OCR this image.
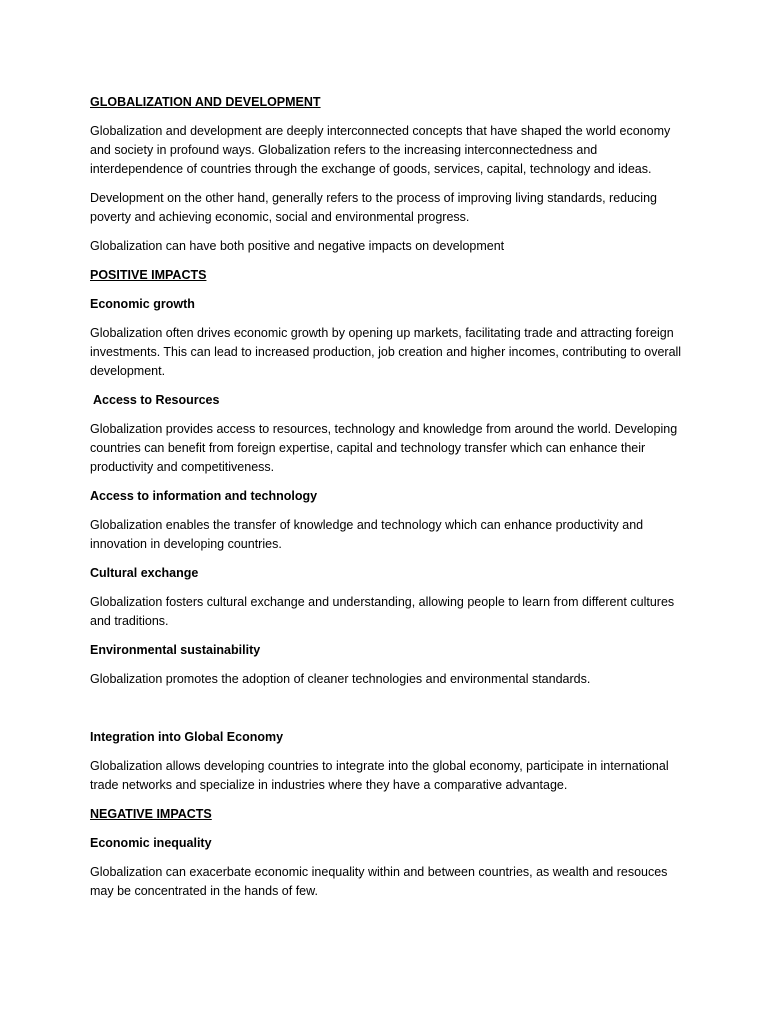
GLOBALIZATION AND DEVELOPMENT

Globalization and development are deeply interconnected concepts that have shaped the world economy and society in profound ways. Globalization refers to the increasing interconnectedness and interdependence of countries through the exchange of goods, services, capital, technology and ideas.

Development on the other hand, generally refers to the process of improving living standards, reducing poverty and achieving economic, social and environmental progress.

Globalization can have both positive and negative impacts on development

POSITIVE IMPACTS

Economic growth

Globalization often drives economic growth by opening up markets, facilitating trade and attracting foreign investments. This can lead to increased production, job creation and higher incomes, contributing to overall development.

Access to Resources

Globalization provides access to resources, technology and knowledge from around the world. Developing countries can benefit from foreign expertise, capital and technology transfer which can enhance their productivity and competitiveness.

Access to information and technology

Globalization enables the transfer of knowledge and technology which can enhance productivity and innovation in developing countries.

Cultural exchange

Globalization fosters cultural exchange and understanding, allowing people to learn from different cultures and traditions.

Environmental sustainability

Globalization promotes the adoption of cleaner technologies and environmental standards.

Integration into Global Economy

Globalization allows developing countries to integrate into the global economy, participate in international trade networks and specialize in industries where they have a comparative advantage.

NEGATIVE IMPACTS

Economic inequality

Globalization can exacerbate economic inequality within and between countries, as wealth and resouces may be concentrated in the hands of few.
